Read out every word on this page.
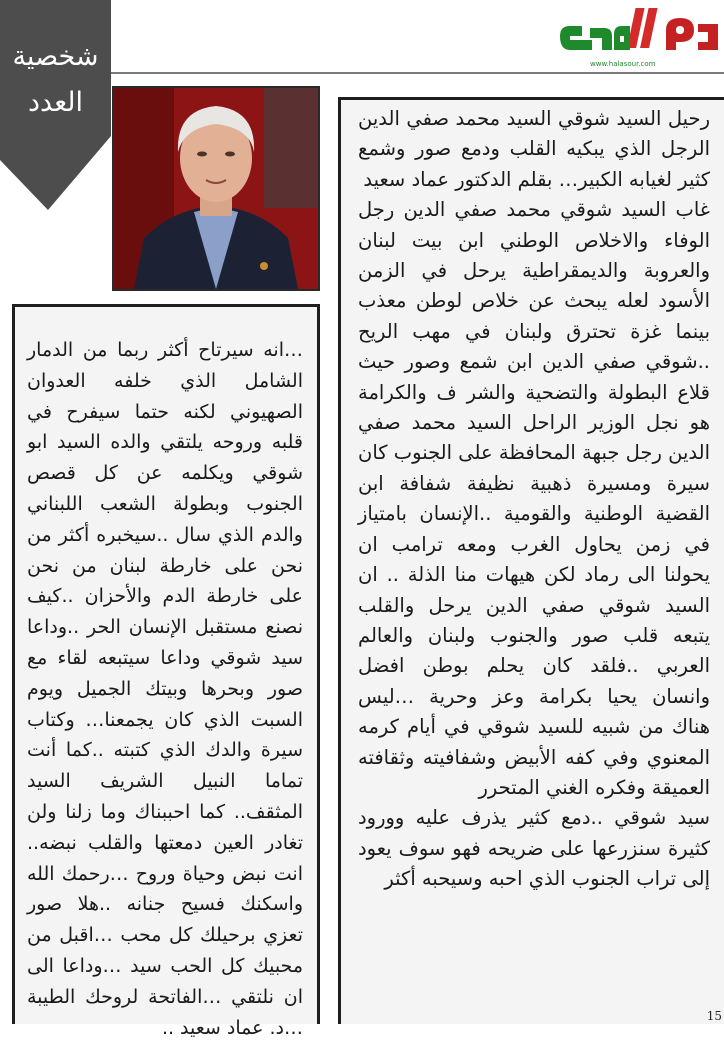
شخصية
العدد
www.halasour.com

رحيل السيد شوقي السيد محمد صفي الدين الرجل الذي يبكيه القلب ودمع صور وشمع كثير لغيابه الكبير… بقلم الدكتور عماد سعيد

غاب السيد شوقي محمد صفي الدين رجل الوفاء والاخلاص الوطني ابن بيت لبنان والعروبة والديمقراطية يرحل في الزمن الأسود لعله يبحث عن خلاص لوطن معذب بينما غزة تحترق ولبنان في مهب الريح ..شوقي صفي الدين ابن شمع وصور حيث قلاع البطولة والتضحية والشر ف والكرامة هو نجل الوزير الراحل السيد محمد صفي الدين رجل جبهة المحافظة على الجنوب كان سيرة ومسيرة ذهبية نظيفة شفافة ابن القضية الوطنية والقومية ..الإنسان بامتياز في زمن يحاول الغرب ومعه ترامب ان يحولنا الى رماد لكن هيهات منا الذلة .. ان السيد شوقي صفي الدين يرحل والقلب يتبعه قلب صور والجنوب ولبنان والعالم العربي ..فلقد كان يحلم بوطن افضل وانسان يحيا بكرامة وعز وحرية …ليس هناك من شبيه للسيد شوقي في أيام كرمه المعنوي وفي كفه الأبيض وشفافيته وثقافته العميقة وفكره الغني المتحرر

سيد شوقي ..دمع كثير يذرف عليه وورود كثيرة سنزرعها على ضريحه فهو سوف يعود إلى تراب الجنوب الذي احبه وسيحبه أكثر

15
…انه سيرتاح أكثر ربما من الدمار الشامل الذي خلفه العدوان الصهيوني لكنه حتما سيفرح في قلبه وروحه يلتقي والده السيد ابو شوقي ويكلمه عن كل قصص الجنوب وبطولة الشعب اللبناني والدم الذي سال ..سيخبره أكثر من نحن على خارطة لبنان من نحن على خارطة الدم والأحزان ..كيف نصنع مستقبل الإنسان الحر ..وداعا سيد شوقي وداعا سيتبعه لقاء مع صور وبحرها وبيتك الجميل ويوم السبت الذي كان يجمعنا… وكتاب سيرة والدك الذي كتبته ..كما أنت تماما النبيل الشريف السيد المثقف.. كما احببناك وما زلنا ولن تغادر العين دمعتها والقلب نبضه.. انت نبض وحياة وروح …رحمك الله واسكنك فسيح جنانه ..هلا صور تعزي برحيلك كل محب …اقبل من محبيك كل الحب سيد …وداعا الى ان نلتقي …الفاتحة لروحك الطيبة …د. عماد سعيد ..
